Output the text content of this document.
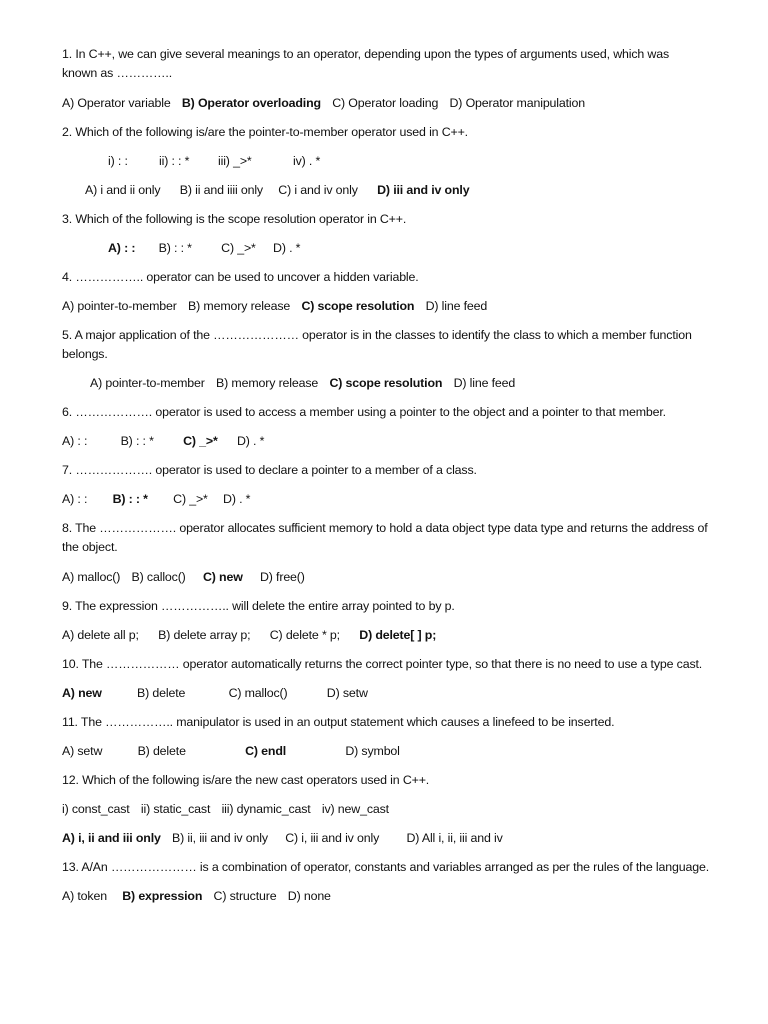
1. In C++, we can give several meanings to an operator, depending upon the types of arguments used, which was
known as …………..
A) Operator variable B) Operator overloading C) Operator loading D) Operator manipulation
2. Which of the following is/are the pointer-to-member operator used in C++.
i) : :	ii) : : * iii) _>*	iv) . *
A) i and ii only B) ii and iiii only C) i and iv only D) iii and iv only
3. Which of the following is the scope resolution operator in C++.
A) : : B) : : * C) _>* D) . *
4. …………….. operator can be used to uncover a hidden variable.
A) pointer-to-member B) memory release C) scope resolution D) line feed
5. A major application of the ………………… operator is in the classes to identify the class to which a member function
belongs.
A) pointer-to-member B) memory release C) scope resolution D) line feed
6. ………………. operator is used to access a member using a pointer to the object and a pointer to that member.
A) : :	B) : : * C) _>* D) . *
7. ………………. operator is used to declare a pointer to a member of a class.
A) : : B) : : * C) _>* D) . *
8. The ………………. operator allocates sufficient memory to hold a data object type data type and returns the address of
the object.
A) malloc() B) calloc() C) new D) free()
9. The expression …………….. will delete the entire array pointed to by p.
A) delete all p; B) delete array p; C) delete * p; D) delete[ ] p;
10. The ……………… operator automatically returns the correct pointer type, so that there is no need to use a type cast.
A) new	B) delete	C) malloc()	D) setw
11. The …………….. manipulator is used in an output statement which causes a linefeed to be inserted.
A) setw	B) delete	C) endl	D) symbol
12. Which of the following is/are the new cast operators used in C++.
i) const_cast ii) static_cast iii) dynamic_cast iv) new_cast
A) i, ii and iii only B) ii, iii and iv only C) i, iii and iv only D) All i, ii, iii and iv
13. A/An ………………… is a combination of operator, constants and variables arranged as per the rules of the language.
A) token B) expression C) structure D) none
